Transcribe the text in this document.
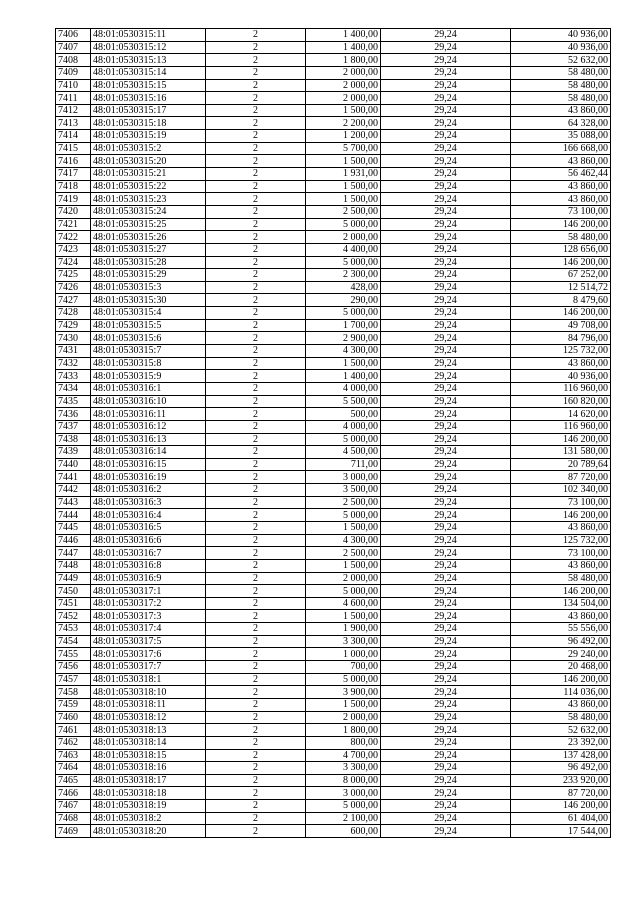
7406	48:01:0530315:11	2	1 400,00	29,24	40 936,00
7407	48:01:0530315:12	2	1 400,00	29,24	40 936,00
7408	48:01:0530315:13	2	1 800,00	29,24	52 632,00
7409	48:01:0530315:14	2	2 000,00	29,24	58 480,00
7410	48:01:0530315:15	2	2 000,00	29,24	58 480,00
7411	48:01:0530315:16	2	2 000,00	29,24	58 480,00
7412	48:01:0530315:17	2	1 500,00	29,24	43 860,00
7413	48:01:0530315:18	2	2 200,00	29,24	64 328,00
7414	48:01:0530315:19	2	1 200,00	29,24	35 088,00
7415	48:01:0530315:2	2	5 700,00	29,24	166 668,00
7416	48:01:0530315:20	2	1 500,00	29,24	43 860,00
7417	48:01:0530315:21	2	1 931,00	29,24	56 462,44
7418	48:01:0530315:22	2	1 500,00	29,24	43 860,00
7419	48:01:0530315:23	2	1 500,00	29,24	43 860,00
7420	48:01:0530315:24	2	2 500,00	29,24	73 100,00
7421	48:01:0530315:25	2	5 000,00	29,24	146 200,00
7422	48:01:0530315:26	2	2 000,00	29,24	58 480,00
7423	48:01:0530315:27	2	4 400,00	29,24	128 656,00
7424	48:01:0530315:28	2	5 000,00	29,24	146 200,00
7425	48:01:0530315:29	2	2 300,00	29,24	67 252,00
7426	48:01:0530315:3	2	428,00	29,24	12 514,72
7427	48:01:0530315:30	2	290,00	29,24	8 479,60
7428	48:01:0530315:4	2	5 000,00	29,24	146 200,00
7429	48:01:0530315:5	2	1 700,00	29,24	49 708,00
7430	48:01:0530315:6	2	2 900,00	29,24	84 796,00
7431	48:01:0530315:7	2	4 300,00	29,24	125 732,00
7432	48:01:0530315:8	2	1 500,00	29,24	43 860,00
7433	48:01:0530315:9	2	1 400,00	29,24	40 936,00
7434	48:01:0530316:1	2	4 000,00	29,24	116 960,00
7435	48:01:0530316:10	2	5 500,00	29,24	160 820,00
7436	48:01:0530316:11	2	500,00	29,24	14 620,00
7437	48:01:0530316:12	2	4 000,00	29,24	116 960,00
7438	48:01:0530316:13	2	5 000,00	29,24	146 200,00
7439	48:01:0530316:14	2	4 500,00	29,24	131 580,00
7440	48:01:0530316:15	2	711,00	29,24	20 789,64
7441	48:01:0530316:19	2	3 000,00	29,24	87 720,00
7442	48:01:0530316:2	2	3 500,00	29,24	102 340,00
7443	48:01:0530316:3	2	2 500,00	29,24	73 100,00
7444	48:01:0530316:4	2	5 000,00	29,24	146 200,00
7445	48:01:0530316:5	2	1 500,00	29,24	43 860,00
7446	48:01:0530316:6	2	4 300,00	29,24	125 732,00
7447	48:01:0530316:7	2	2 500,00	29,24	73 100,00
7448	48:01:0530316:8	2	1 500,00	29,24	43 860,00
7449	48:01:0530316:9	2	2 000,00	29,24	58 480,00
7450	48:01:0530317:1	2	5 000,00	29,24	146 200,00
7451	48:01:0530317:2	2	4 600,00	29,24	134 504,00
7452	48:01:0530317:3	2	1 500,00	29,24	43 860,00
7453	48:01:0530317:4	2	1 900,00	29,24	55 556,00
7454	48:01:0530317:5	2	3 300,00	29,24	96 492,00
7455	48:01:0530317:6	2	1 000,00	29,24	29 240,00
7456	48:01:0530317:7	2	700,00	29,24	20 468,00
7457	48:01:0530318:1	2	5 000,00	29,24	146 200,00
7458	48:01:0530318:10	2	3 900,00	29,24	114 036,00
7459	48:01:0530318:11	2	1 500,00	29,24	43 860,00
7460	48:01:0530318:12	2	2 000,00	29,24	58 480,00
7461	48:01:0530318:13	2	1 800,00	29,24	52 632,00
7462	48:01:0530318:14	2	800,00	29,24	23 392,00
7463	48:01:0530318:15	2	4 700,00	29,24	137 428,00
7464	48:01:0530318:16	2	3 300,00	29,24	96 492,00
7465	48:01:0530318:17	2	8 000,00	29,24	233 920,00
7466	48:01:0530318:18	2	3 000,00	29,24	87 720,00
7467	48:01:0530318:19	2	5 000,00	29,24	146 200,00
7468	48:01:0530318:2	2	2 100,00	29,24	61 404,00
7469	48:01:0530318:20	2	600,00	29,24	17 544,00
